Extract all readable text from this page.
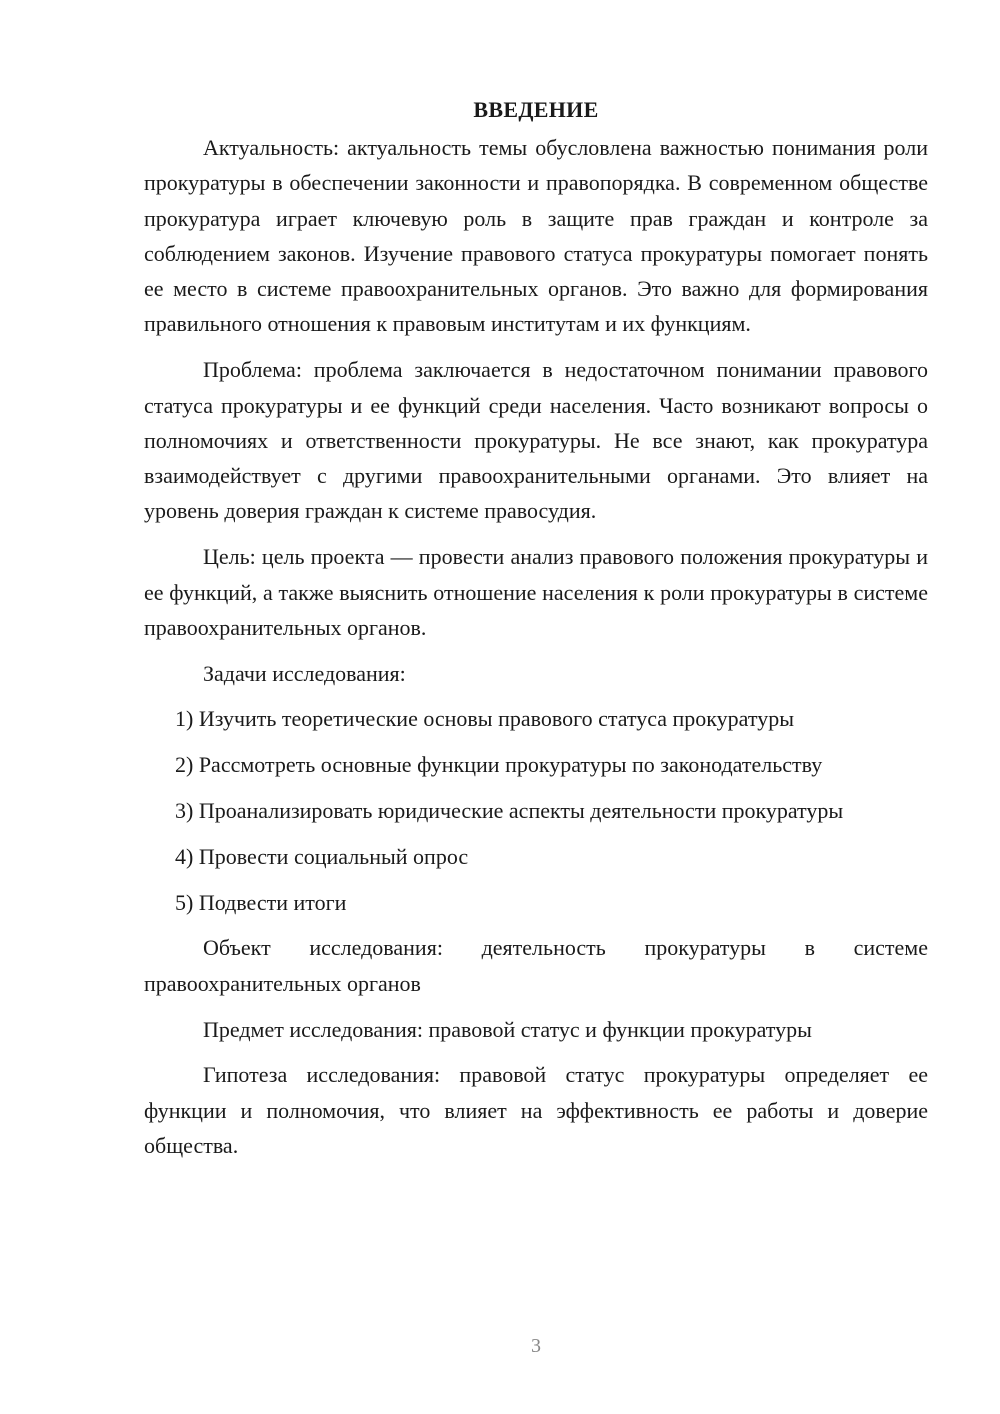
ВВЕДЕНИЕ

Актуальность: актуальность темы обусловлена важностью понимания роли прокуратуры в обеспечении законности и правопорядка. В современном обществе прокуратура играет ключевую роль в защите прав граждан и контроле за соблюдением законов. Изучение правового статуса прокуратуры помогает понять ее место в системе правоохранительных органов. Это важно для формирования правильного отношения к правовым институтам и их функциям.

Проблема: проблема заключается в недостаточном понимании правового статуса прокуратуры и ее функций среди населения. Часто возникают вопросы о полномочиях и ответственности прокуратуры. Не все знают, как прокуратура взаимодействует с другими правоохранительными органами. Это влияет на уровень доверия граждан к системе правосудия.

Цель: цель проекта — провести анализ правового положения прокуратуры и ее функций, а также выяснить отношение населения к роли прокуратуры в системе правоохранительных органов.

Задачи исследования:

1) Изучить теоретические основы правового статуса прокуратуры

2) Рассмотреть основные функции прокуратуры по законодательству

3) Проанализировать юридические аспекты деятельности прокуратуры

4) Провести социальный опрос

5) Подвести итоги

Объект исследования: деятельность прокуратуры в системе правоохранительных органов

Предмет исследования: правовой статус и функции прокуратуры

Гипотеза исследования: правовой статус прокуратуры определяет ее функции и полномочия, что влияет на эффективность ее работы и доверие общества.

3
